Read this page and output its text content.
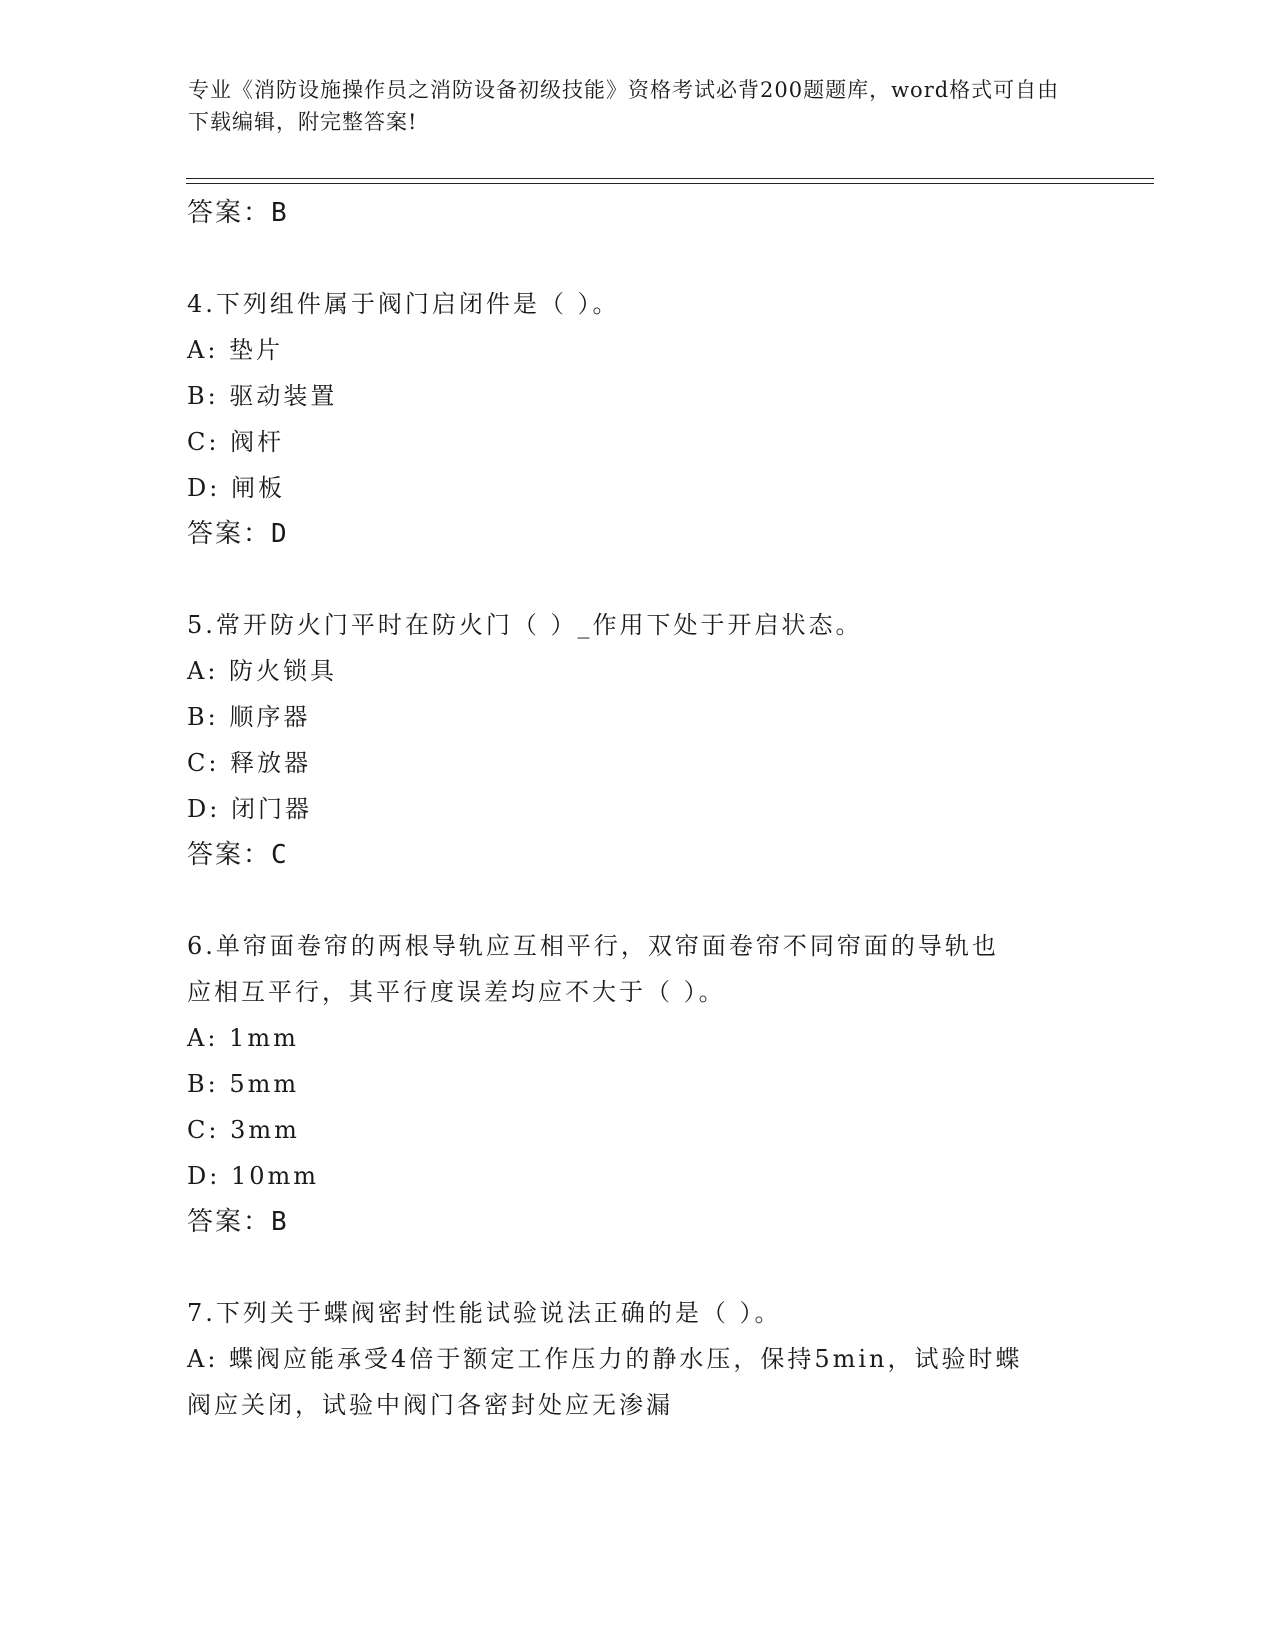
专业《消防设施操作员之消防设备初级技能》资格考试必背200题题库，word格式可自由下载编辑，附完整答案!
答案：B
4.下列组件属于阀门启闭件是（ ）。
A: 垫片
B: 驱动装置
C: 阀杆
D: 闸板
答案：D
5.常开防火门平时在防火门（ ）_作用下处于开启状态。
A: 防火锁具
B: 顺序器
C: 释放器
D: 闭门器
答案：C
6.单帘面卷帘的两根导轨应互相平行，双帘面卷帘不同帘面的导轨也
应相互平行，其平行度误差均应不大于（ ）。
A: 1mm
B: 5mm
C: 3mm
D: 10mm
答案：B
7.下列关于蝶阀密封性能试验说法正确的是（ ）。
A: 蝶阀应能承受4倍于额定工作压力的静水压，保持5min，试验时蝶
阀应关闭，试验中阀门各密封处应无渗漏
